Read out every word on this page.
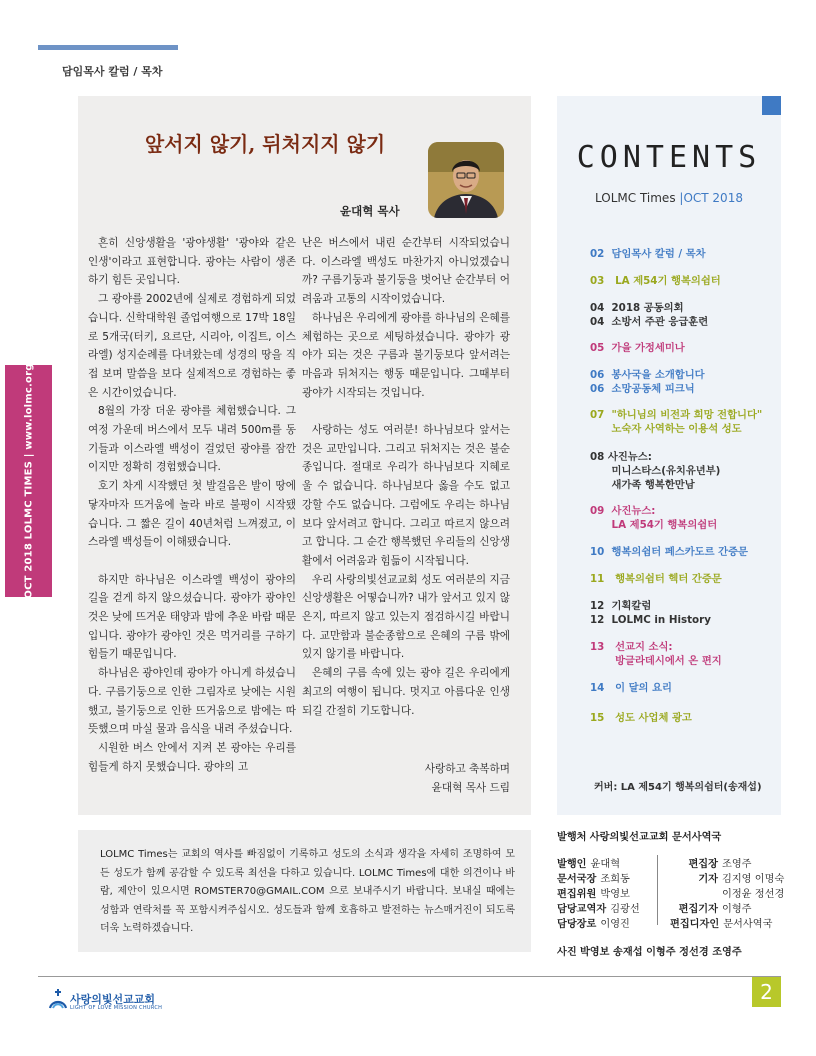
담임목사 칼럼 / 목차
OCT 2018 LOLMC TIMES | www.lolmc.org
앞서지 않기, 뒤처지지 않기
윤대혁 목사

흔히 신앙생활을 '광야생활' '광야와 같은 인생'이라고 표현합니다. 광야는 사람이 생존하기 힘든 곳입니다.

그 광야를 2002년에 실제로 경험하게 되었습니다. 신학대학원 졸업여행으로 17박 18일로 5개국(터키, 요르단, 시리아, 이집트, 이스라엘) 성지순례를 다녀왔는데 성경의 땅을 직접 보며 말씀을 보다 실제적으로 경험하는 좋은 시간이었습니다.

8월의 가장 더운 광야를 체험했습니다. 그 여정 가운데 버스에서 모두 내려 500m를 동기들과 이스라엘 백성이 걸었던 광야를 잠깐이지만 정확히 경험했습니다.

호기 차게 시작했던 첫 발걸음은 발이 땅에 닿자마자 뜨거움에 놀라 바로 불평이 시작됐습니다. 그 짧은 길이 40년처럼 느껴졌고, 이스라엘 백성들이 이해됐습니다.

하지만 하나님은 이스라엘 백성이 광야의 길을 걷게 하지 않으셨습니다. 광야가 광야인 것은 낮에 뜨거운 태양과 밤에 추운 바람 때문입니다. 광야가 광야인 것은 먹거리를 구하기 힘들기 때문입니다.

하나님은 광야인데 광야가 아니게 하셨습니다. 구름기둥으로 인한 그림자로 낮에는 시원했고, 불기둥으로 인한 뜨거움으로 밤에는 따뜻했으며 마실 물과 음식을 내려 주셨습니다.

시원한 버스 안에서 지켜 본 광야는 우리를 힘들게 하지 못했습니다. 광야의 고

난은 버스에서 내린 순간부터 시작되었습니다. 이스라엘 백성도 마찬가지 아니었겠습니까? 구름기둥과 불기둥을 벗어난 순간부터 어려움과 고통의 시작이었습니다.

하나님은 우리에게 광야를 하나님의 은혜를 체험하는 곳으로 세팅하셨습니다. 광야가 광야가 되는 것은 구름과 불기둥보다 앞서려는 마음과 뒤처지는 행동 때문입니다. 그때부터 광야가 시작되는 것입니다.

사랑하는 성도 여러분! 하나님보다 앞서는 것은 교만입니다. 그리고 뒤처지는 것은 불순종입니다. 절대로 우리가 하나님보다 지혜로울 수 없습니다. 하나님보다 옳을 수도 없고 강할 수도 없습니다. 그럼에도 우리는 하나님보다 앞서려고 합니다. 그리고 따르지 않으려고 합니다. 그 순간 행복했던 우리들의 신앙생활에서 어려움과 힘듦이 시작됩니다.

우리 사랑의빛선교교회 성도 여러분의 지금 신앙생활은 어떻습니까? 내가 앞서고 있지 않은지, 따르지 않고 있는지 점검하시길 바랍니다. 교만함과 불순종함으로 은혜의 구름 밖에 있지 않기를 바랍니다.

은혜의 구름 속에 있는 광야 길은 우리에게 최고의 여행이 됩니다. 멋지고 아름다운 인생 되길 간절히 기도합니다.

사랑하고 축복하며
윤대혁 목사 드림
CONTENTS
LOLMC Times |OCT 2018
02  담임목사 칼럼 / 목차
03   LA 제54기 행복의쉼터
04  2018 공동의회
04  소방서 주관 응급훈련
05  가을 가정세미나
06  봉사국을 소개합니다
06  소망공동체 피크닉
07  "하니님의 비전과 희망 전합니다"
노숙자 사역하는 이용석 성도
08 사진뉴스:
미니스타스(유치유년부)
새가족 행복한만남
09  사진뉴스:
LA 제54기 행복의쉼터
10  행복의쉼터 페스카도르 간증문
11   행복의쉼터 헥터 간증문
12  기획칼럼
12  LOLMC in History
13   선교지 소식:
방글라데시에서 온 편지
14   이 달의 요리
15   성도 사업체 광고
커버: LA 제54기 행복의쉼터(송재섭)
LOLMC Times는 교회의 역사를 빠짐없이 기록하고 성도의 소식과 생각을 자세히 조명하여 모든 성도가 함께 공감할 수 있도록 최선을 다하고 있습니다. LOLMC Times에 대한 의견이나 바람, 제안이 있으시면 ROMSTER70@GMAIL.COM 으로 보내주시기 바랍니다. 보내실 때에는 성함과 연락처를 꼭 포함시켜주십시오. 성도들과 함께 호흡하고 발전하는 뉴스매거진이 되도록 더욱 노력하겠습니다.
발행처 사랑의빛선교교회 문서사역국
발행인 윤대혁
문서국장 조희동
편집위원 박영보
담당교역자 김광선
담당장로 이영진
편집장 조영주
기자 김지영 이명숙
이정윤 정선경
편집기자 이형주
편집디자인 문서사역국
사진 박영보 송재섭 이형주 정선경 조영주
사랑의빛선교교회
LIGHT OF LOVE MISSION CHURCH
2
